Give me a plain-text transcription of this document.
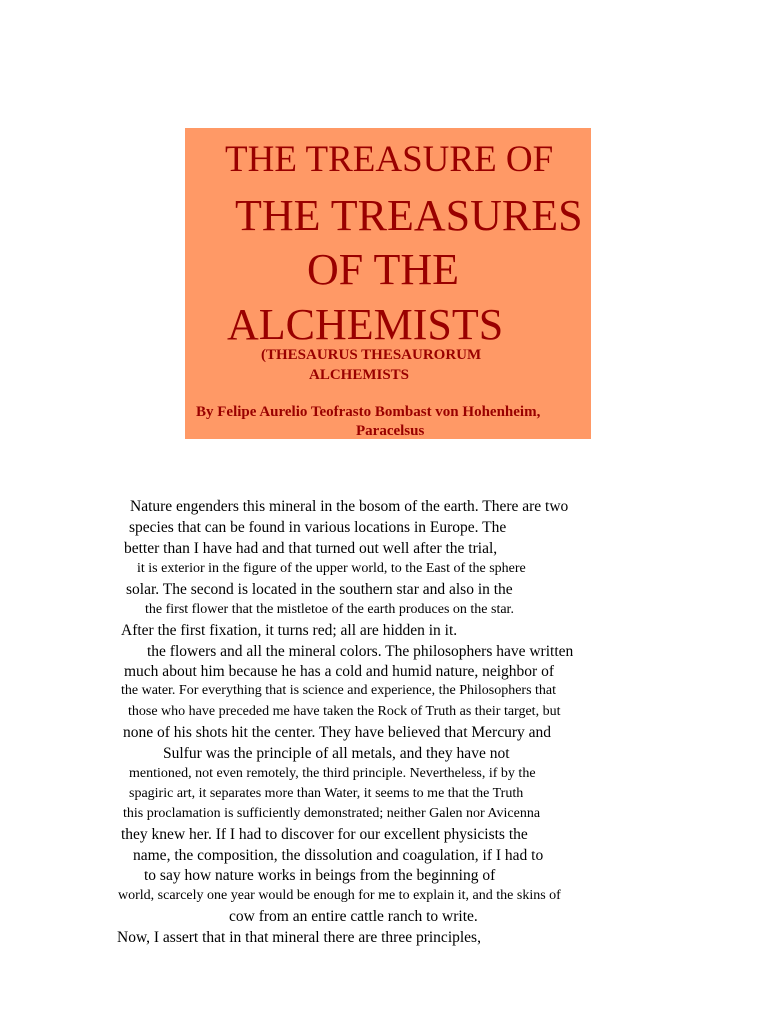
THE TREASURE OF
THE TREASURES
OF THE
ALCHEMISTS
(THESAURUS THESAURORUM
ALCHEMISTS
By Felipe Aurelio Teofrasto Bombast von Hohenheim,
Paracelsus
Nature engenders this mineral in the bosom of the earth. There are two
species that can be found in various locations in Europe. The
better than I have had and that turned out well after the trial,
it is exterior in the figure of the upper world, to the East of the sphere
solar. The second is located in the southern star and also in the
the first flower that the mistletoe of the earth produces on the star.
After the first fixation, it turns red; all are hidden in it.
the flowers and all the mineral colors. The philosophers have written
much about him because he has a cold and humid nature, neighbor of
the water. For everything that is science and experience, the Philosophers that
those who have preceded me have taken the Rock of Truth as their target, but
none of his shots hit the center. They have believed that Mercury and
Sulfur was the principle of all metals, and they have not
mentioned, not even remotely, the third principle. Nevertheless, if by the
spagiric art, it separates more than Water, it seems to me that the Truth
this proclamation is sufficiently demonstrated; neither Galen nor Avicenna
they knew her. If I had to discover for our excellent physicists the
name, the composition, the dissolution and coagulation, if I had to
to say how nature works in beings from the beginning of
world, scarcely one year would be enough for me to explain it, and the skins of
cow from an entire cattle ranch to write.
Now, I assert that in that mineral there are three principles,
